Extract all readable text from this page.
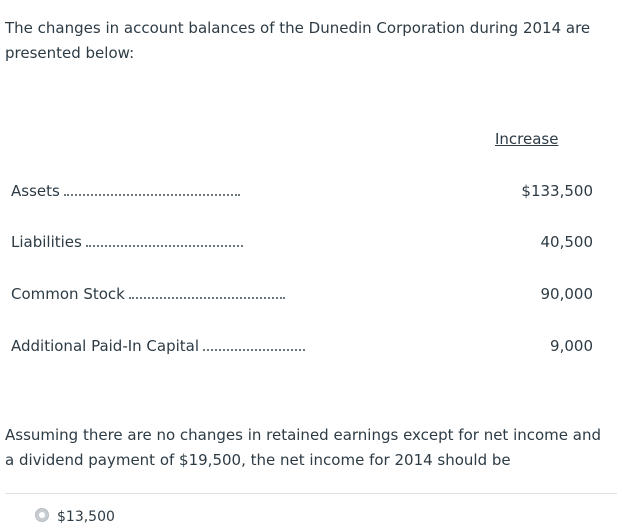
The changes in account balances of the Dunedin Corporation during 2014 are presented below:
Increase
Assets	$133,500
Liabilities	40,500
Common Stock	90,000
Additional Paid-In Capital	9,000
Assuming there are no changes in retained earnings except for net income and a dividend payment of $19,500, the net income for 2014 should be
$13,500
